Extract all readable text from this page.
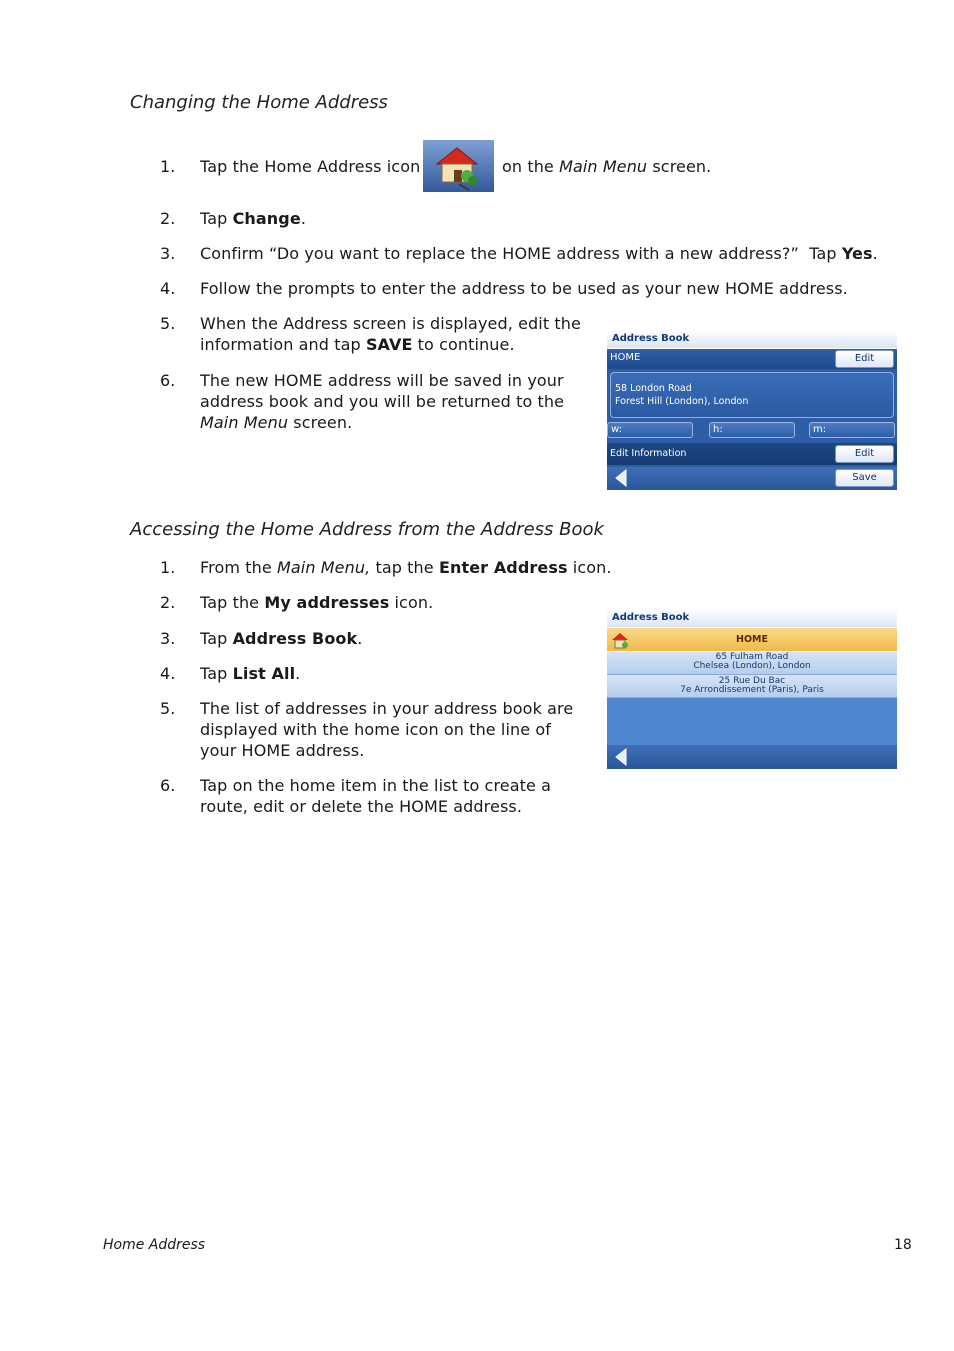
Changing the Home Address
1.	Tap the Home Address icon	on the Main Menu screen.
2.	Tap Change.
3.	Confirm “Do you want to replace the HOME address with a new address?”  Tap Yes.
4.	Follow the prompts to enter the address to be used as your new HOME address.
5.	When the Address screen is displayed, edit the information and tap SAVE to continue.
6.	The new HOME address will be saved in your address book and you will be returned to the Main Menu screen.
Address Book
HOME	Edit
58 London Road
Forest Hill (London), London
w:	h:	m:
Edit Information	Edit
Save
Accessing the Home Address from the Address Book
1.	From the Main Menu, tap the Enter Address icon.
2.	Tap the My addresses icon.
3.	Tap Address Book.
4.	Tap List All.
5.	The list of addresses in your address book are displayed with the home icon on the line of your HOME address.
6.	Tap on the home item in the list to create a route, edit or delete the HOME address.
Address Book
HOME
65 Fulham Road
Chelsea (London), London
25 Rue Du Bac
7e Arrondissement (Paris), Paris
Home Address	18
